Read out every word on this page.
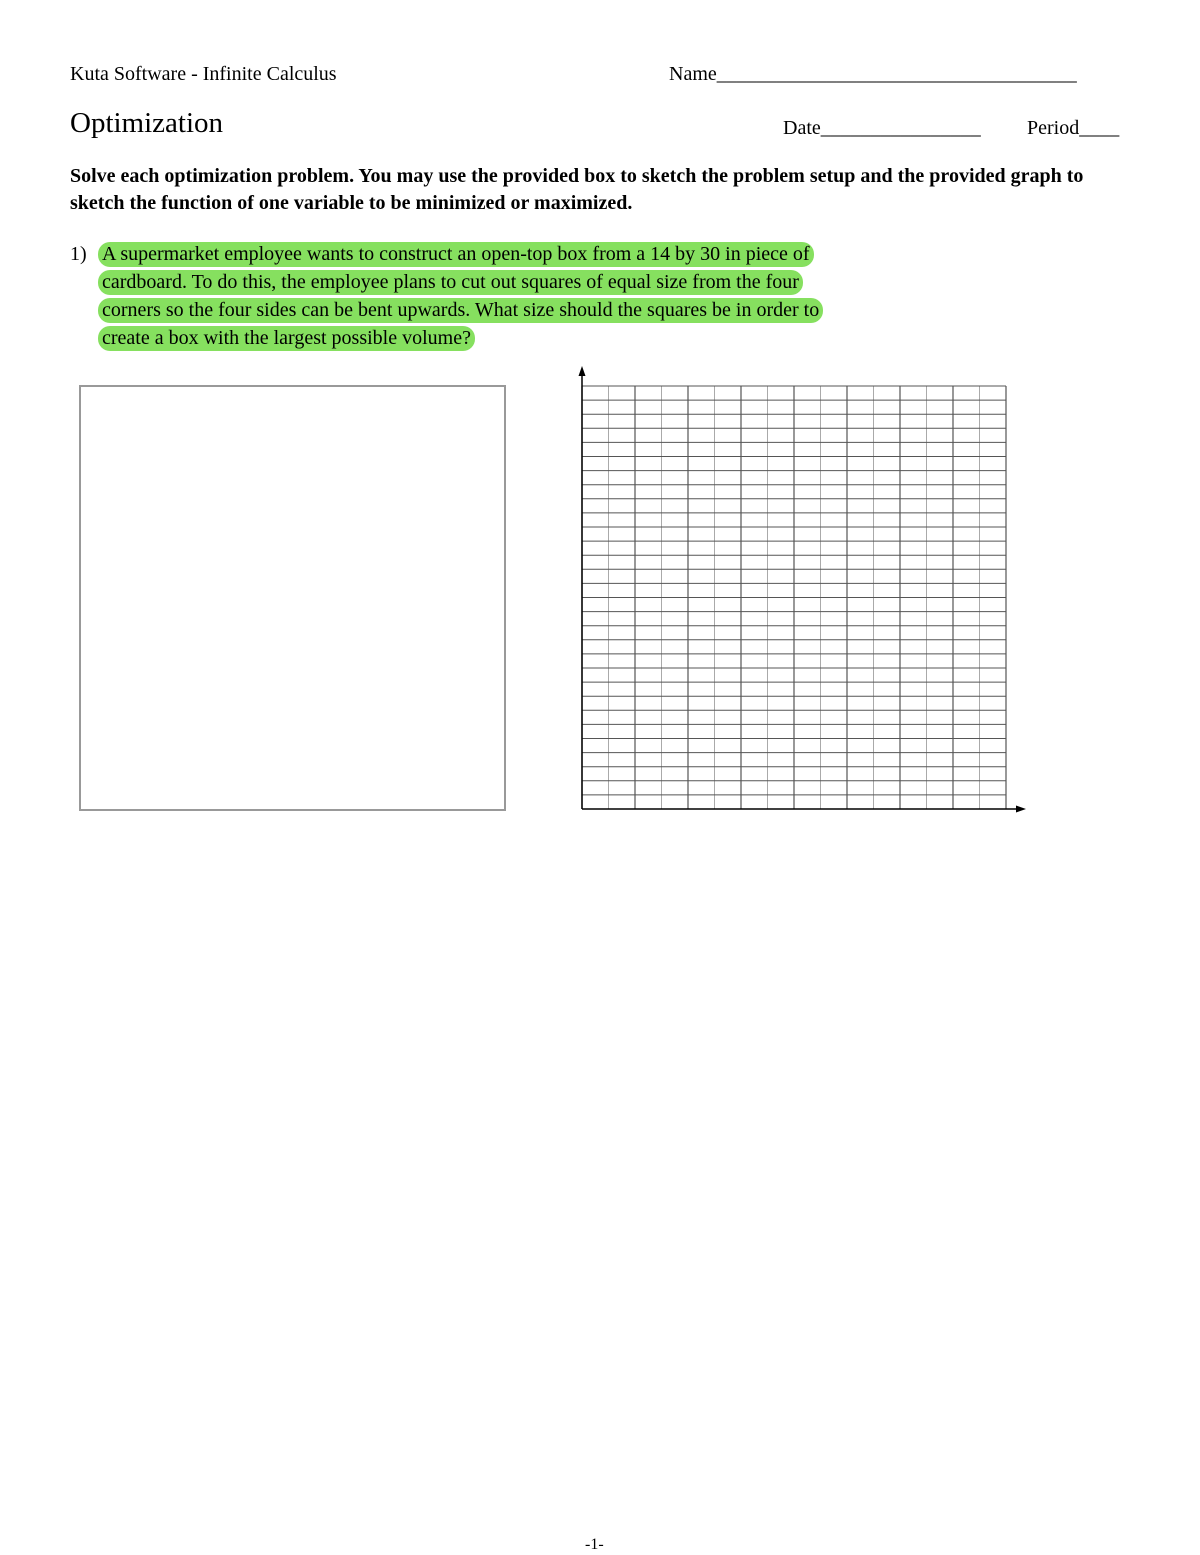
Kuta Software - Infinite Calculus	Name____________________________________
Optimization	Date________________ Period____
Solve each optimization problem. You may use the provided box to sketch the problem setup and the provided graph to sketch the function of one variable to be minimized or maximized.
1) A supermarket employee wants to construct an open-top box from a 14 by 30 in piece of
cardboard. To do this, the employee plans to cut out squares of equal size from the four
corners so the four sides can be bent upwards. What size should the squares be in order to
create a box with the largest possible volume?
-1-
